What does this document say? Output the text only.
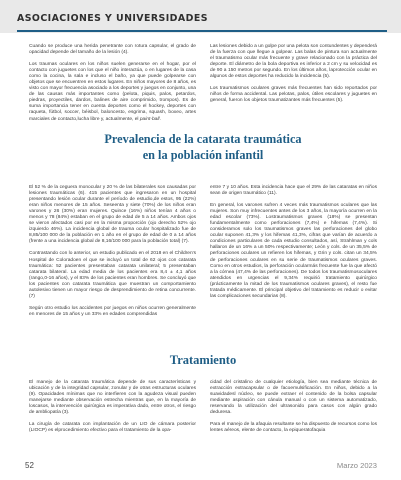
ASOCIACIONES Y UNIVERSIDADES

Cuando se produce una herida penetrante con rotura capsular, el grado de opacidad depende del tamaño de la lesión (4).

Los traumas oculares en los niños suelen generarse en el hogar, por el contacto con juguetes con los que el niño interactúa, o en lugares de la casa como la cocina, la sala e incluso el baño, ya que puede golpearse con objetos que se encuentren en estos lugares. En niños mayores de 8 años, es visto con mayor frecuencia asociado a los deportes y juegos en conjunto, una de las causas más importantes como (pelota, piquis, palos, petardos, piedras, proyectiles, dardos, balines de aire comprimido, trompos). Es de suma importancia tener en cuenta deportes como el hockey, deportes con raqueta, fútbol, soccer, béisbol, baloncesto, esgrima, squash, boxeo, artes marciales de contacto,lucha libre y, actualmente, el paint-ball.

Las lesiones debido a un golpe por una pelota son contundentes y dependerá de la fuerza con que llegue a golpear. Las balas de pintura son actualmente el traumatismo ocular más frecuente y grave relacionado con la práctica del deporte. El diámetro de la bola deportiva es inferior a 2 cm y su velocidad es de 90 a 150 metros por segundo. En los últimos años, laprotección ocular en algunos de estos deportes ha reducido la incidencia (5).

Los traumatismos oculares graves más frecuentes han sido reportados por niños de forma accidental. Las pelotas, palos, útiles escolares y juguetes en general, fueron los objetos traumatizantes más frecuentes (5).

Prevalencia de la catarata traumática
en la población infantil

El 52 % de la ceguera monocular y 20 % de las bilaterales son causadas por lesiones traumáticas (6). 415 pacientes que ingresaron en un hospital presentando lesión ocular durante el período de estudio,de estos, 95 (22%) eran niños menores de 15 años. Seseenta y siete (70%) de los niños eran varones y 26 (30%) eran mujeres. Quince (16%) niños tenían 4 años o menos y 78 (84%) estaban en el grupo de edad de 5 a 14 años. Ambos ojos se vieron afectados casi por en la misma proporción (ojo derecho 52% ojo izquierdo 46%). La incidencia global de trauma ocular hospitalizado fue de 8,85/100 000 de la población en 1 año en el grupo de edad de 0 a 14 años (frente a una incidencia global de 8,16/100 000 para la población total) (7).

Contrastando con lo anterior, un estudio publicado en el 2018 en el Children's Hospital de Coloradoen el que se incluyó un total de 62 ojos con catarata traumática: 52 pacientes presentaban catarata unilateral; 5 presentaban catarata bilateral. La edad media de los pacientes era 8,4 ± 4,1 años (rango,0-16 años), y el 83% de los pacientes eran hombres. Se concluyó que los pacientes con catarata traumática que muestran un comportamiento autolesivo tienen un mayor riesgo de desprendimiento de retina concurrente. (7)

Según otro estudio los accidentes por juegos en niños ocurren generalmente en menores de 15 años y un 33% en edades comprendidas

entre 7 y 10 años. Esta incidencia hace que el 29% de las cataratas en niños sean de origen traumático (11).

En general, los varones sufren 4 veces más traumatismos oculares que las mujeres. Son muy infrecuentes antes de los 3 años, la mayoría ocurren en la edad escolar (73%). Lostraumatismos graves (18%) se presentan fundamentalmente como perforaciones (7,4%) e hifemas (7,4%). Si consideramos solo los traumatismos graves las perforaciones del globo ocular suponen 41,3% y los hifemas 41,3%, cifras que varían de acuerdo a condiciones particulares de cada estudio consultados, así, Strahlman y cols hallaron de un 16% a un 50% respectivamente; León y cols. de un 35,5% de perforaciones oculares un refieren los hifemas, y Grin y cols. citan un 34,5% de perforaciones oculares en su serie de traumatismos oculares graves. Como en otros estudios, la perforación ocularmás frecuente fue la que afectó a la córnea (47,4% de las perforaciones). De todos los traumatismosoculares atendidos en urgencias el 9,34% requirió tratamiento quirúrgico (prácticamente la mitad de los traumatismos oculares graves), el resto fue tratada médicamente. El principal objetivo del tratamiento es reducir o evitar las complicaciones secundarias (8).

Tratamiento

El manejo de la catarata traumática depende de sus características y ubicación y de la integridad capsular, zonular y de otras estructuras oculares (9). Opacidades mínimas que no interfieren con la agudeza visual pueden manejarse mediante observación estrecha mientras que, en la mayoría de loscasos, la intervención quirúrgica es imperativa dado, entre otros, el riesgo de ambliopatía (3).

La cirugía de catarata con implantación de un LIO de cámara posterior (LIOCP) es elprocedimiento efectivo para el tratamiento de la opa-

cidad del cristalino de cualquier etiología, bien sea mediante técnica de extracción extracapsular o de facoemulsificación. En niños, debido a la suavidadesl núcleo, se puede extraer el contenido de la bolsa capsular mediante aspiración con cánula manual o con un sistema automatizado, reservando la utilización del ultrasonido para casos con algún grado deduresa.

Para el manejo de la afaquia resultante se ha dispuesto de recursos como los lentes aéreos, elente de contacto, la epiqueratofaquia

52	Marzo 2023
